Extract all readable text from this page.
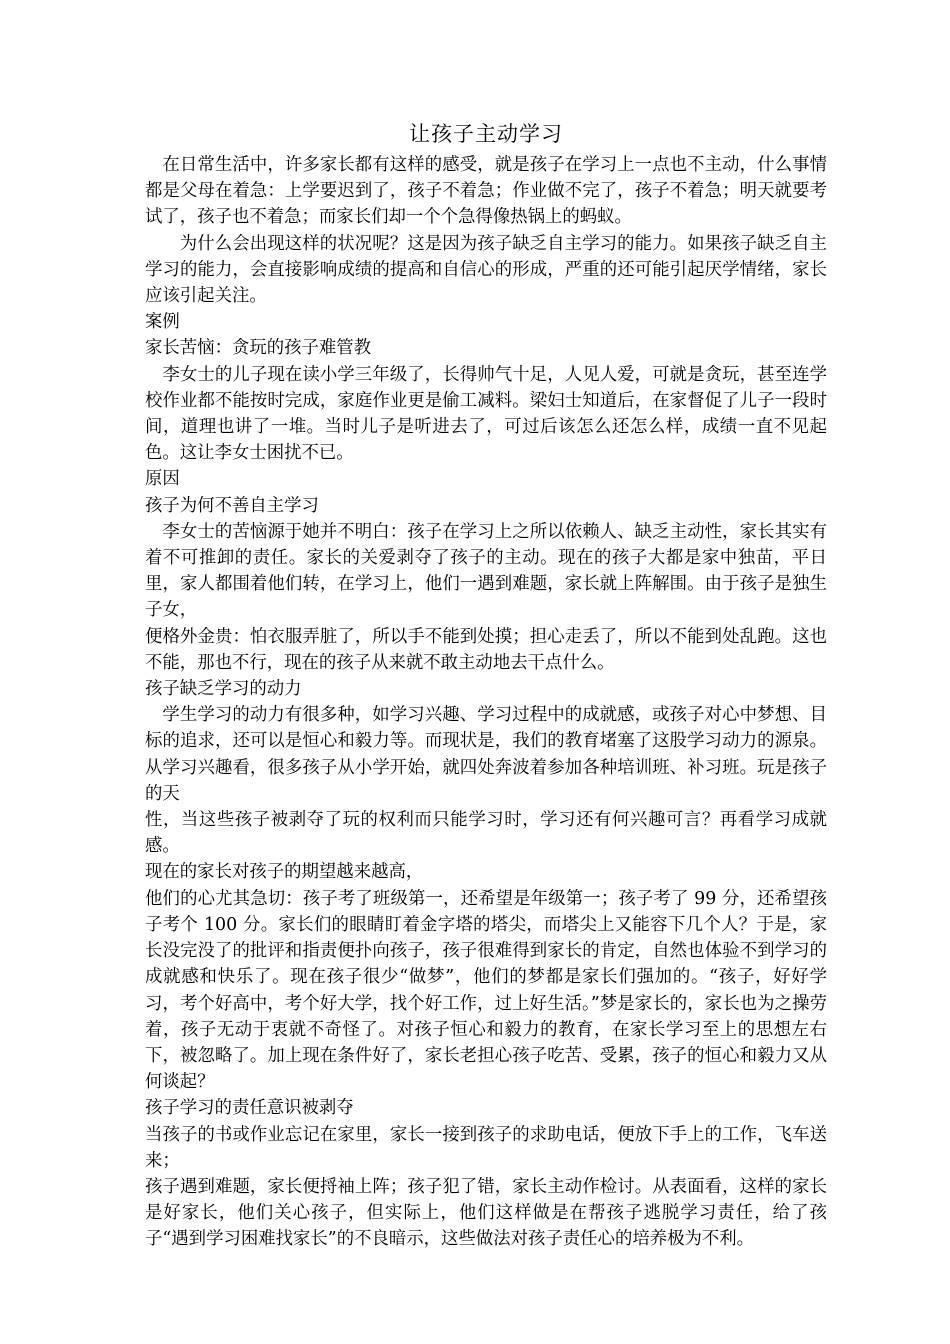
让孩子主动学习

在日常生活中，许多家长都有这样的感受，就是孩子在学习上一点也不主动，什么事情都是父母在着急：上学要迟到了，孩子不着急；作业做不完了，孩子不着急；明天就要考试了，孩子也不着急；而家长们却一个个急得像热锅上的蚂蚁。

为什么会出现这样的状况呢？这是因为孩子缺乏自主学习的能力。如果孩子缺乏自主学习的能力，会直接影响成绩的提高和自信心的形成，严重的还可能引起厌学情绪，家长应该引起关注。

案例

家长苦恼：贪玩的孩子难管教

李女士的儿子现在读小学三年级了，长得帅气十足，人见人爱，可就是贪玩，甚至连学校作业都不能按时完成，家庭作业更是偷工减料。梁妇士知道后，在家督促了儿子一段时间，道理也讲了一堆。当时儿子是听进去了，可过后该怎么还怎么样，成绩一直不见起色。这让李女士困扰不已。

原因

孩子为何不善自主学习

李女士的苦恼源于她并不明白：孩子在学习上之所以依赖人、缺乏主动性，家长其实有着不可推卸的责任。家长的关爱剥夺了孩子的主动。现在的孩子大都是家中独苗，平日里，家人都围着他们转，在学习上，他们一遇到难题，家长就上阵解围。由于孩子是独生子女，

便格外金贵：怕衣服弄脏了，所以手不能到处摸；担心走丢了，所以不能到处乱跑。这也不能，那也不行，现在的孩子从来就不敢主动地去干点什么。

孩子缺乏学习的动力

学生学习的动力有很多种，如学习兴趣、学习过程中的成就感，或孩子对心中梦想、目标的追求，还可以是恒心和毅力等。而现状是，我们的教育堵塞了这股学习动力的源泉。从学习兴趣看，很多孩子从小学开始，就四处奔波着参加各种培训班、补习班。玩是孩子的天

性，当这些孩子被剥夺了玩的权利而只能学习时，学习还有何兴趣可言？再看学习成就感。

现在的家长对孩子的期望越来越高，

他们的心尤其急切：孩子考了班级第一，还希望是年级第一；孩子考了 99 分，还希望孩子考个 100 分。家长们的眼睛盯着金字塔的塔尖，而塔尖上又能容下几个人？于是，家长没完没了的批评和指责便扑向孩子，孩子很难得到家长的肯定，自然也体验不到学习的成就感和快乐了。现在孩子很少“做梦”，他们的梦都是家长们强加的。“孩子，好好学习，考个好高中，考个好大学，找个好工作，过上好生活。”梦是家长的，家长也为之操劳着，孩子无动于衷就不奇怪了。对孩子恒心和毅力的教育，在家长学习至上的思想左右下，被忽略了。加上现在条件好了，家长老担心孩子吃苦、受累，孩子的恒心和毅力又从何谈起？

孩子学习的责任意识被剥夺

当孩子的书或作业忘记在家里，家长一接到孩子的求助电话，便放下手上的工作，飞车送来；

孩子遇到难题，家长便捋袖上阵；孩子犯了错，家长主动作检讨。从表面看，这样的家长是好家长，他们关心孩子，但实际上，他们这样做是在帮孩子逃脱学习责任，给了孩子“遇到学习困难找家长”的不良暗示，这些做法对孩子责任心的培养极为不利。
